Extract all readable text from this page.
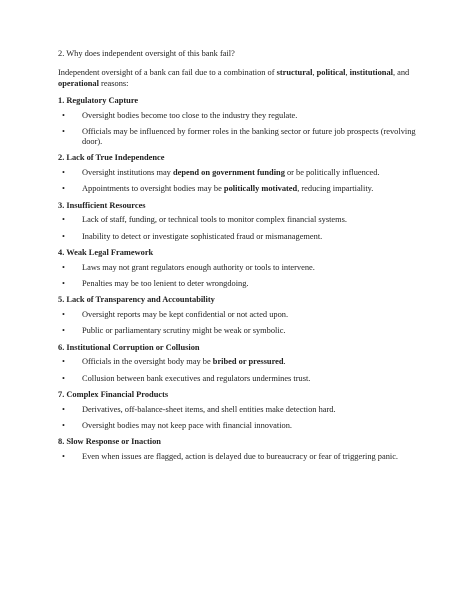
2. Why does independent oversight of this bank fail?

Independent oversight of a bank can fail due to a combination of structural, political, institutional, and operational reasons:

1. Regulatory Capture
• Oversight bodies become too close to the industry they regulate.
• Officials may be influenced by former roles in the banking sector or future job prospects (revolving door).
2. Lack of True Independence
• Oversight institutions may depend on government funding or be politically influenced.
• Appointments to oversight bodies may be politically motivated, reducing impartiality.
3. Insufficient Resources
• Lack of staff, funding, or technical tools to monitor complex financial systems.
• Inability to detect or investigate sophisticated fraud or mismanagement.
4. Weak Legal Framework
• Laws may not grant regulators enough authority or tools to intervene.
• Penalties may be too lenient to deter wrongdoing.
5. Lack of Transparency and Accountability
• Oversight reports may be kept confidential or not acted upon.
• Public or parliamentary scrutiny might be weak or symbolic.
6. Institutional Corruption or Collusion
• Officials in the oversight body may be bribed or pressured.
• Collusion between bank executives and regulators undermines trust.
7. Complex Financial Products
• Derivatives, off-balance-sheet items, and shell entities make detection hard.
• Oversight bodies may not keep pace with financial innovation.
8. Slow Response or Inaction
• Even when issues are flagged, action is delayed due to bureaucracy or fear of triggering panic.
